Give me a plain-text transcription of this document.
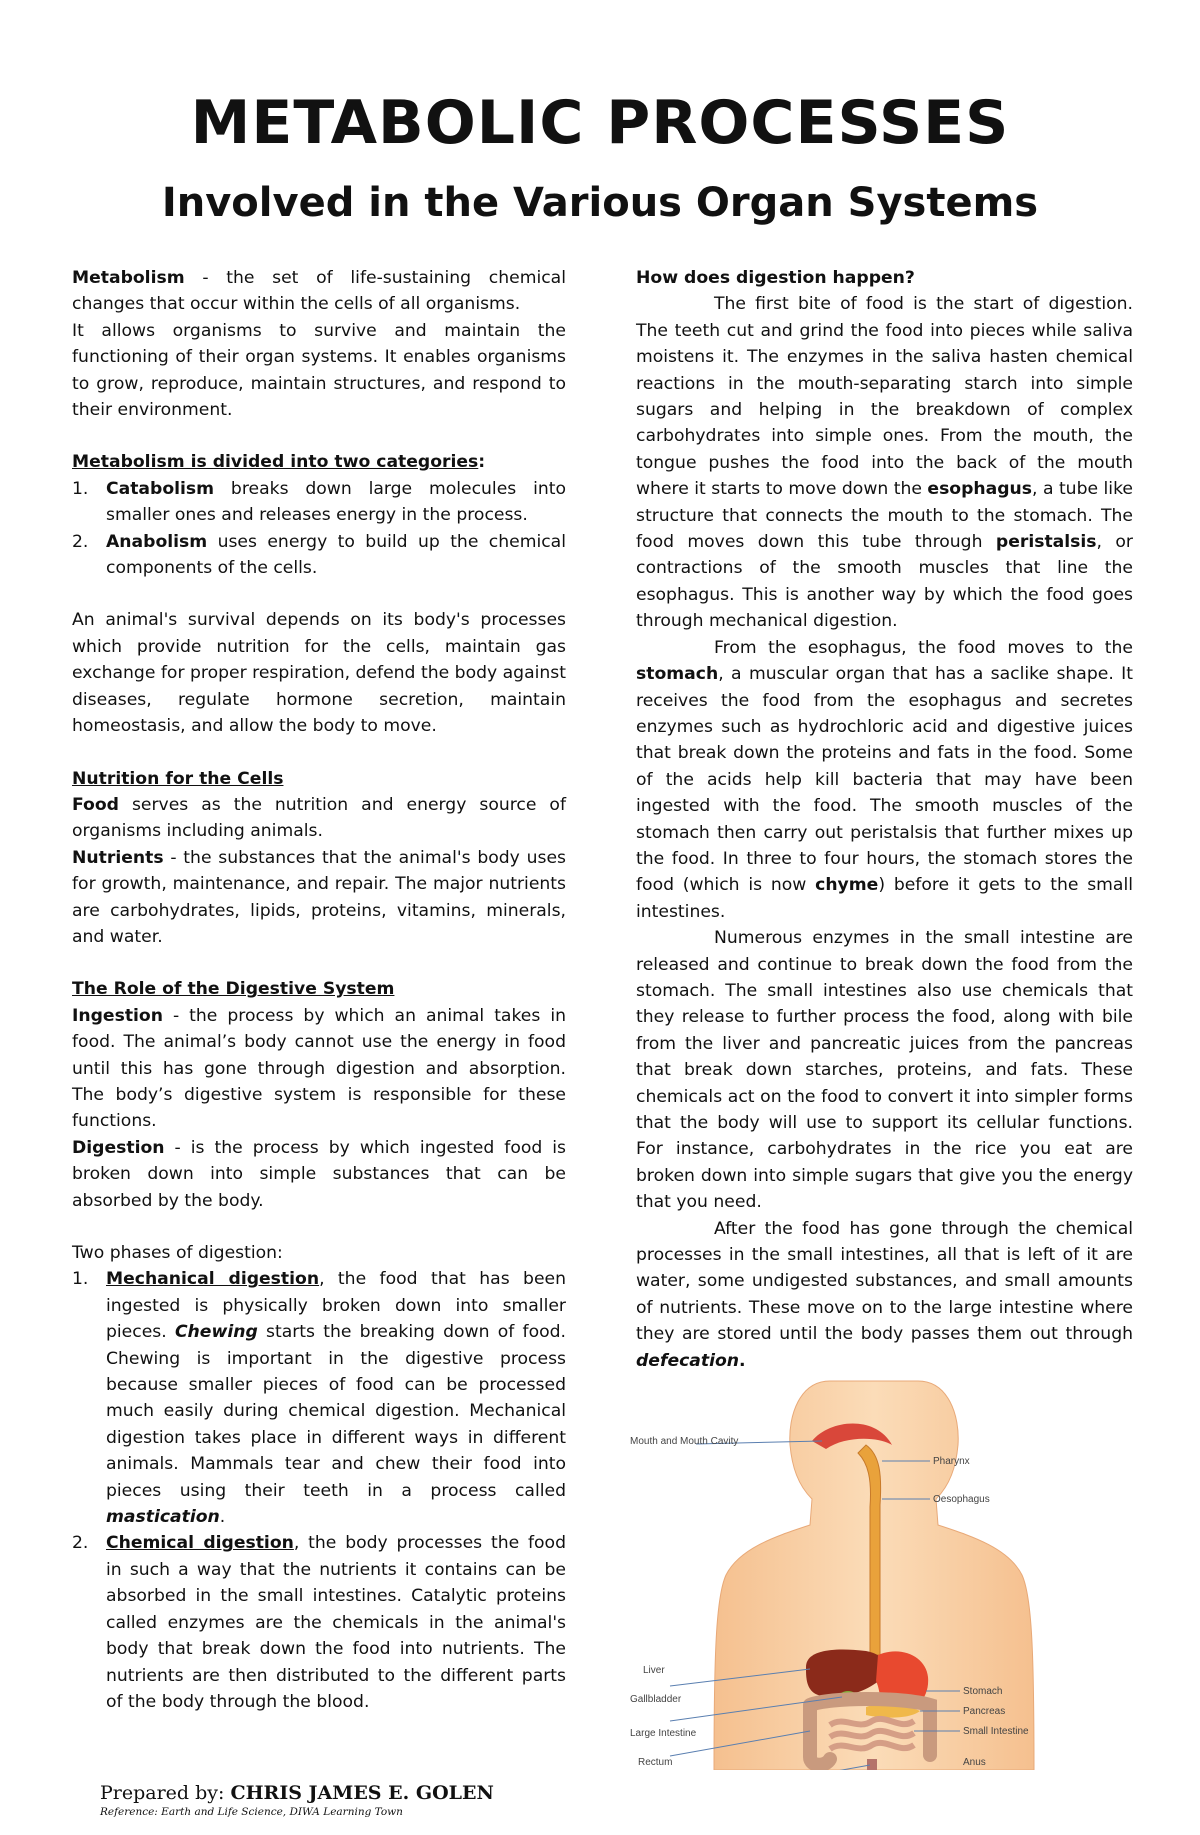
METABOLIC PROCESSES
Involved in the Various Organ Systems

Metabolism - the set of life-sustaining chemical changes that occur within the cells of all organisms.

It allows organisms to survive and maintain the functioning of their organ systems. It enables organisms to grow, reproduce, maintain structures, and respond to their environment.

Metabolism is divided into two categories:

1. Catabolism breaks down large molecules into smaller ones and releases energy in the process.
2. Anabolism uses energy to build up the chemical components of the cells.

An animal's survival depends on its body's processes which provide nutrition for the cells, maintain gas exchange for proper respiration, defend the body against diseases, regulate hormone secretion, maintain homeostasis, and allow the body to move.

Nutrition for the Cells

Food serves as the nutrition and energy source of organisms including animals.

Nutrients - the substances that the animal's body uses for growth, maintenance, and repair. The major nutrients are carbohydrates, lipids, proteins, vitamins, minerals, and water.

The Role of the Digestive System

Ingestion - the process by which an animal takes in food. The animal’s body cannot use the energy in food until this has gone through digestion and absorption. The body’s digestive system is responsible for these functions.

Digestion - is the process by which ingested food is broken down into simple substances that can be absorbed by the body.

Two phases of digestion:

1. Mechanical digestion, the food that has been ingested is physically broken down into smaller pieces. Chewing starts the breaking down of food. Chewing is important in the digestive process because smaller pieces of food can be processed much easily during chemical digestion. Mechanical digestion takes place in different ways in different animals. Mammals tear and chew their food into pieces using their teeth in a process called mastication.
2. Chemical digestion, the body processes the food in such a way that the nutrients it contains can be absorbed in the small intestines. Catalytic proteins called enzymes are the chemicals in the animal's body that break down the food into nutrients. The nutrients are then distributed to the different parts of the body through the blood.

How does digestion happen?

The first bite of food is the start of digestion. The teeth cut and grind the food into pieces while saliva moistens it. The enzymes in the saliva hasten chemical reactions in the mouth-separating starch into simple sugars and helping in the breakdown of complex carbohydrates into simple ones. From the mouth, the tongue pushes the food into the back of the mouth where it starts to move down the esophagus, a tube like structure that connects the mouth to the stomach. The food moves down this tube through peristalsis, or contractions of the smooth muscles that line the esophagus. This is another way by which the food goes through mechanical digestion.

From the esophagus, the food moves to the stomach, a muscular organ that has a saclike shape. It receives the food from the esophagus and secretes enzymes such as hydrochloric acid and digestive juices that break down the proteins and fats in the food. Some of the acids help kill bacteria that may have been ingested with the food. The smooth muscles of the stomach then carry out peristalsis that further mixes up the food. In three to four hours, the stomach stores the food (which is now chyme) before it gets to the small intestines.

Numerous enzymes in the small intestine are released and continue to break down the food from the stomach. The small intestines also use chemicals that they release to further process the food, along with bile from the liver and pancreatic juices from the pancreas that break down starches, proteins, and fats. These chemicals act on the food to convert it into simpler forms that the body will use to support its cellular functions. For instance, carbohydrates in the rice you eat are broken down into simple sugars that give you the energy that you need.

After the food has gone through the chemical processes in the small intestines, all that is left of it are water, some undigested substances, and small amounts of nutrients. These move on to the large intestine where they are stored until the body passes them out through defecation.

Mouth and Mouth Cavity
Pharynx
Oesophagus
Liver
Gallbladder
Large Intestine
Rectum
Stomach
Pancreas
Small Intestine
Anus
Prepared by: CHRIS JAMES E. GOLEN
Reference: Earth and Life Science, DIWA Learning Town
